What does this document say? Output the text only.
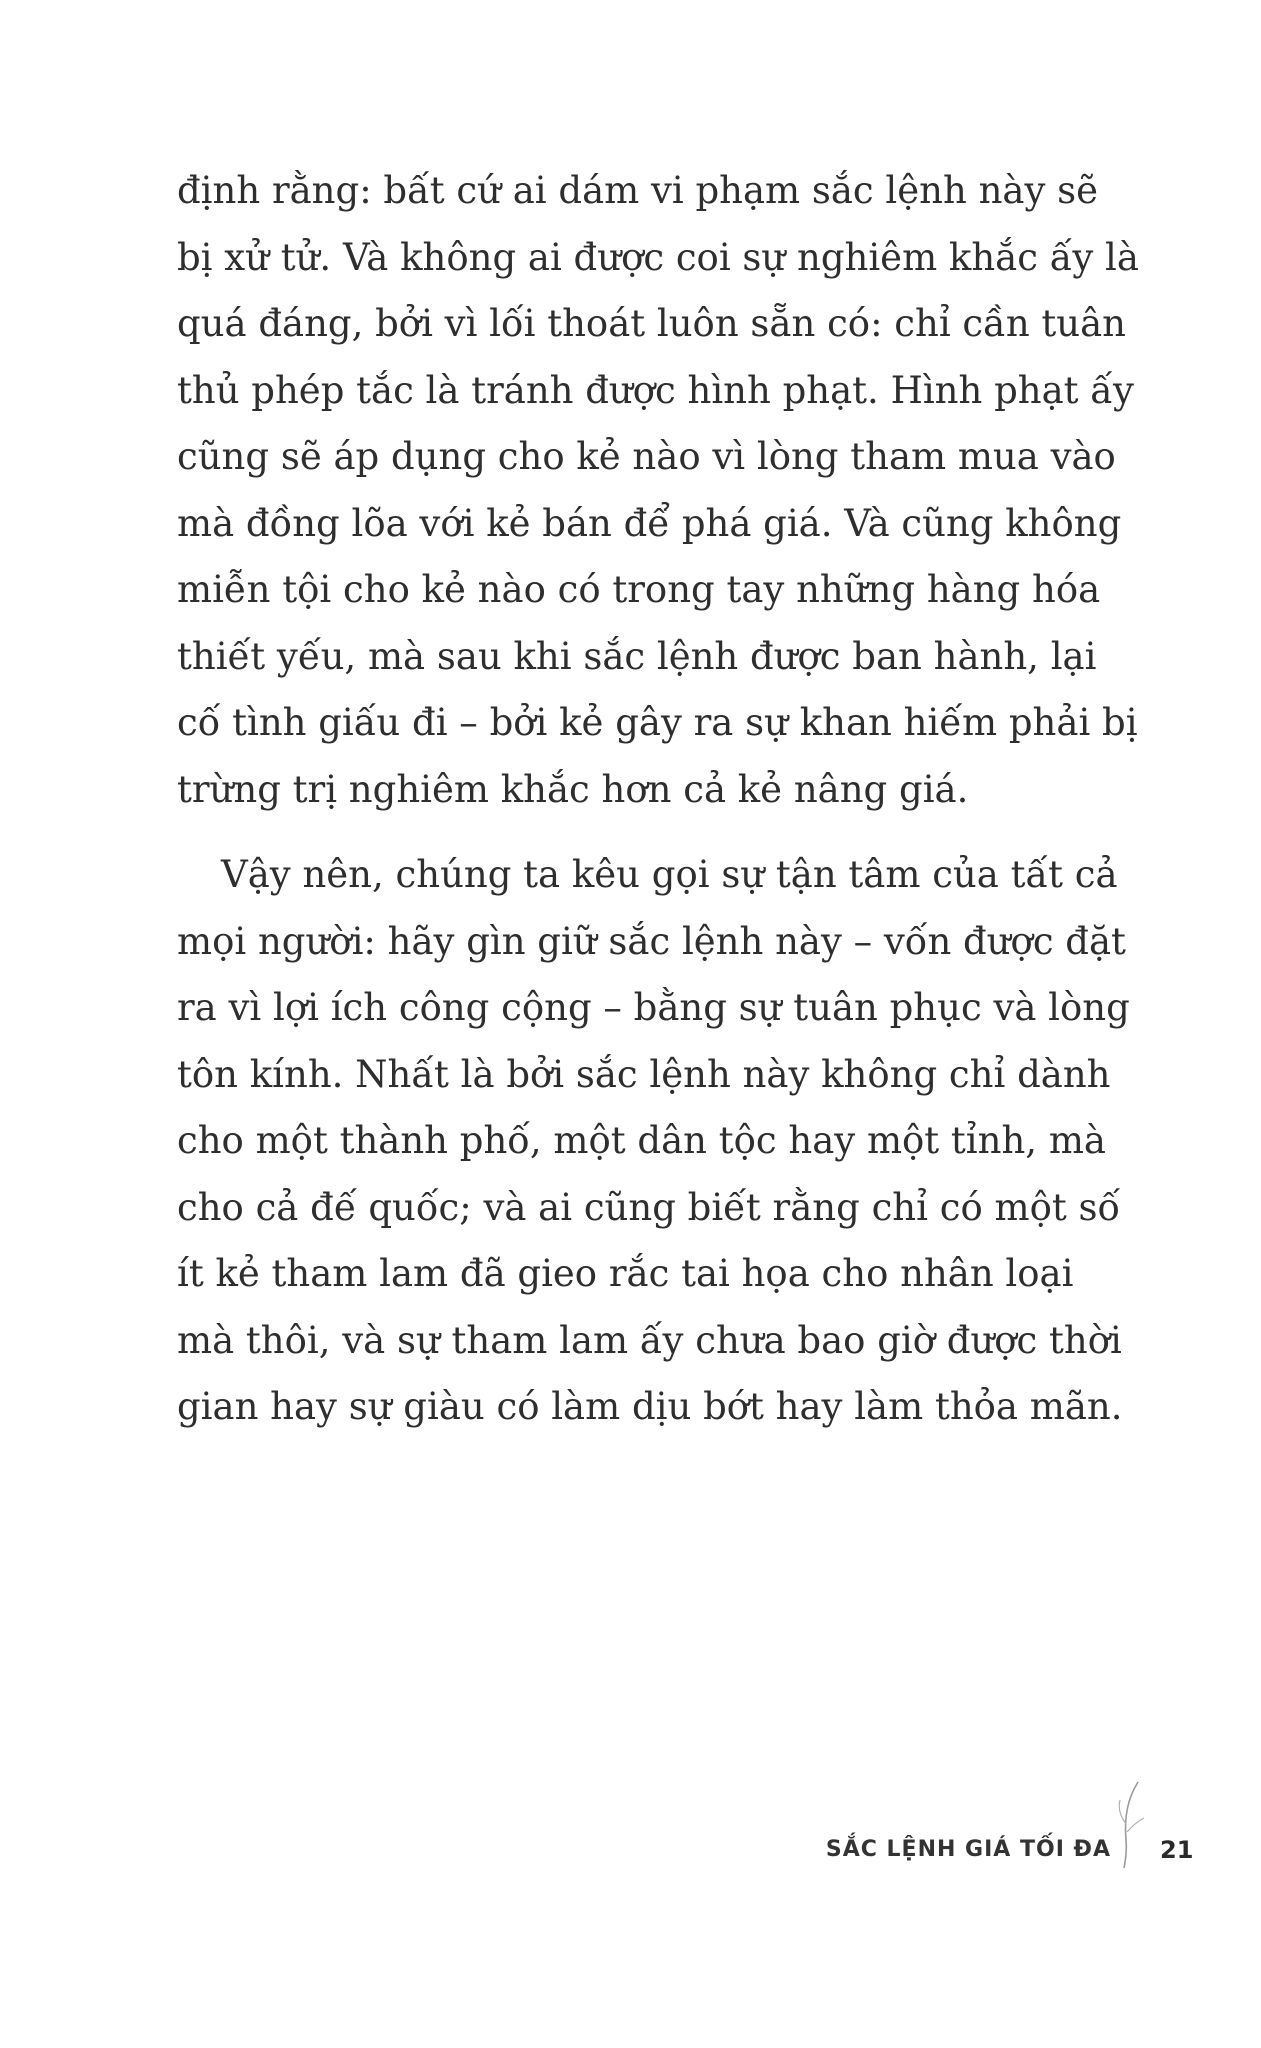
định rằng: bất cứ ai dám vi phạm sắc lệnh này sẽ
bị xử tử. Và không ai được coi sự nghiêm khắc ấy là
quá đáng, bởi vì lối thoát luôn sẵn có: chỉ cần tuân
thủ phép tắc là tránh được hình phạt. Hình phạt ấy
cũng sẽ áp dụng cho kẻ nào vì lòng tham mua vào
mà đồng lõa với kẻ bán để phá giá. Và cũng không
miễn tội cho kẻ nào có trong tay những hàng hóa
thiết yếu, mà sau khi sắc lệnh được ban hành, lại
cố tình giấu đi – bởi kẻ gây ra sự khan hiếm phải bị
trừng trị nghiêm khắc hơn cả kẻ nâng giá.
Vậy nên, chúng ta kêu gọi sự tận tâm của tất cả
mọi người: hãy gìn giữ sắc lệnh này – vốn được đặt
ra vì lợi ích công cộng – bằng sự tuân phục và lòng
tôn kính. Nhất là bởi sắc lệnh này không chỉ dành
cho một thành phố, một dân tộc hay một tỉnh, mà
cho cả đế quốc; và ai cũng biết rằng chỉ có một số
ít kẻ tham lam đã gieo rắc tai họa cho nhân loại
mà thôi, và sự tham lam ấy chưa bao giờ được thời
gian hay sự giàu có làm dịu bớt hay làm thỏa mãn.
SẮC LỆNH GIÁ TỐI ĐA 21
